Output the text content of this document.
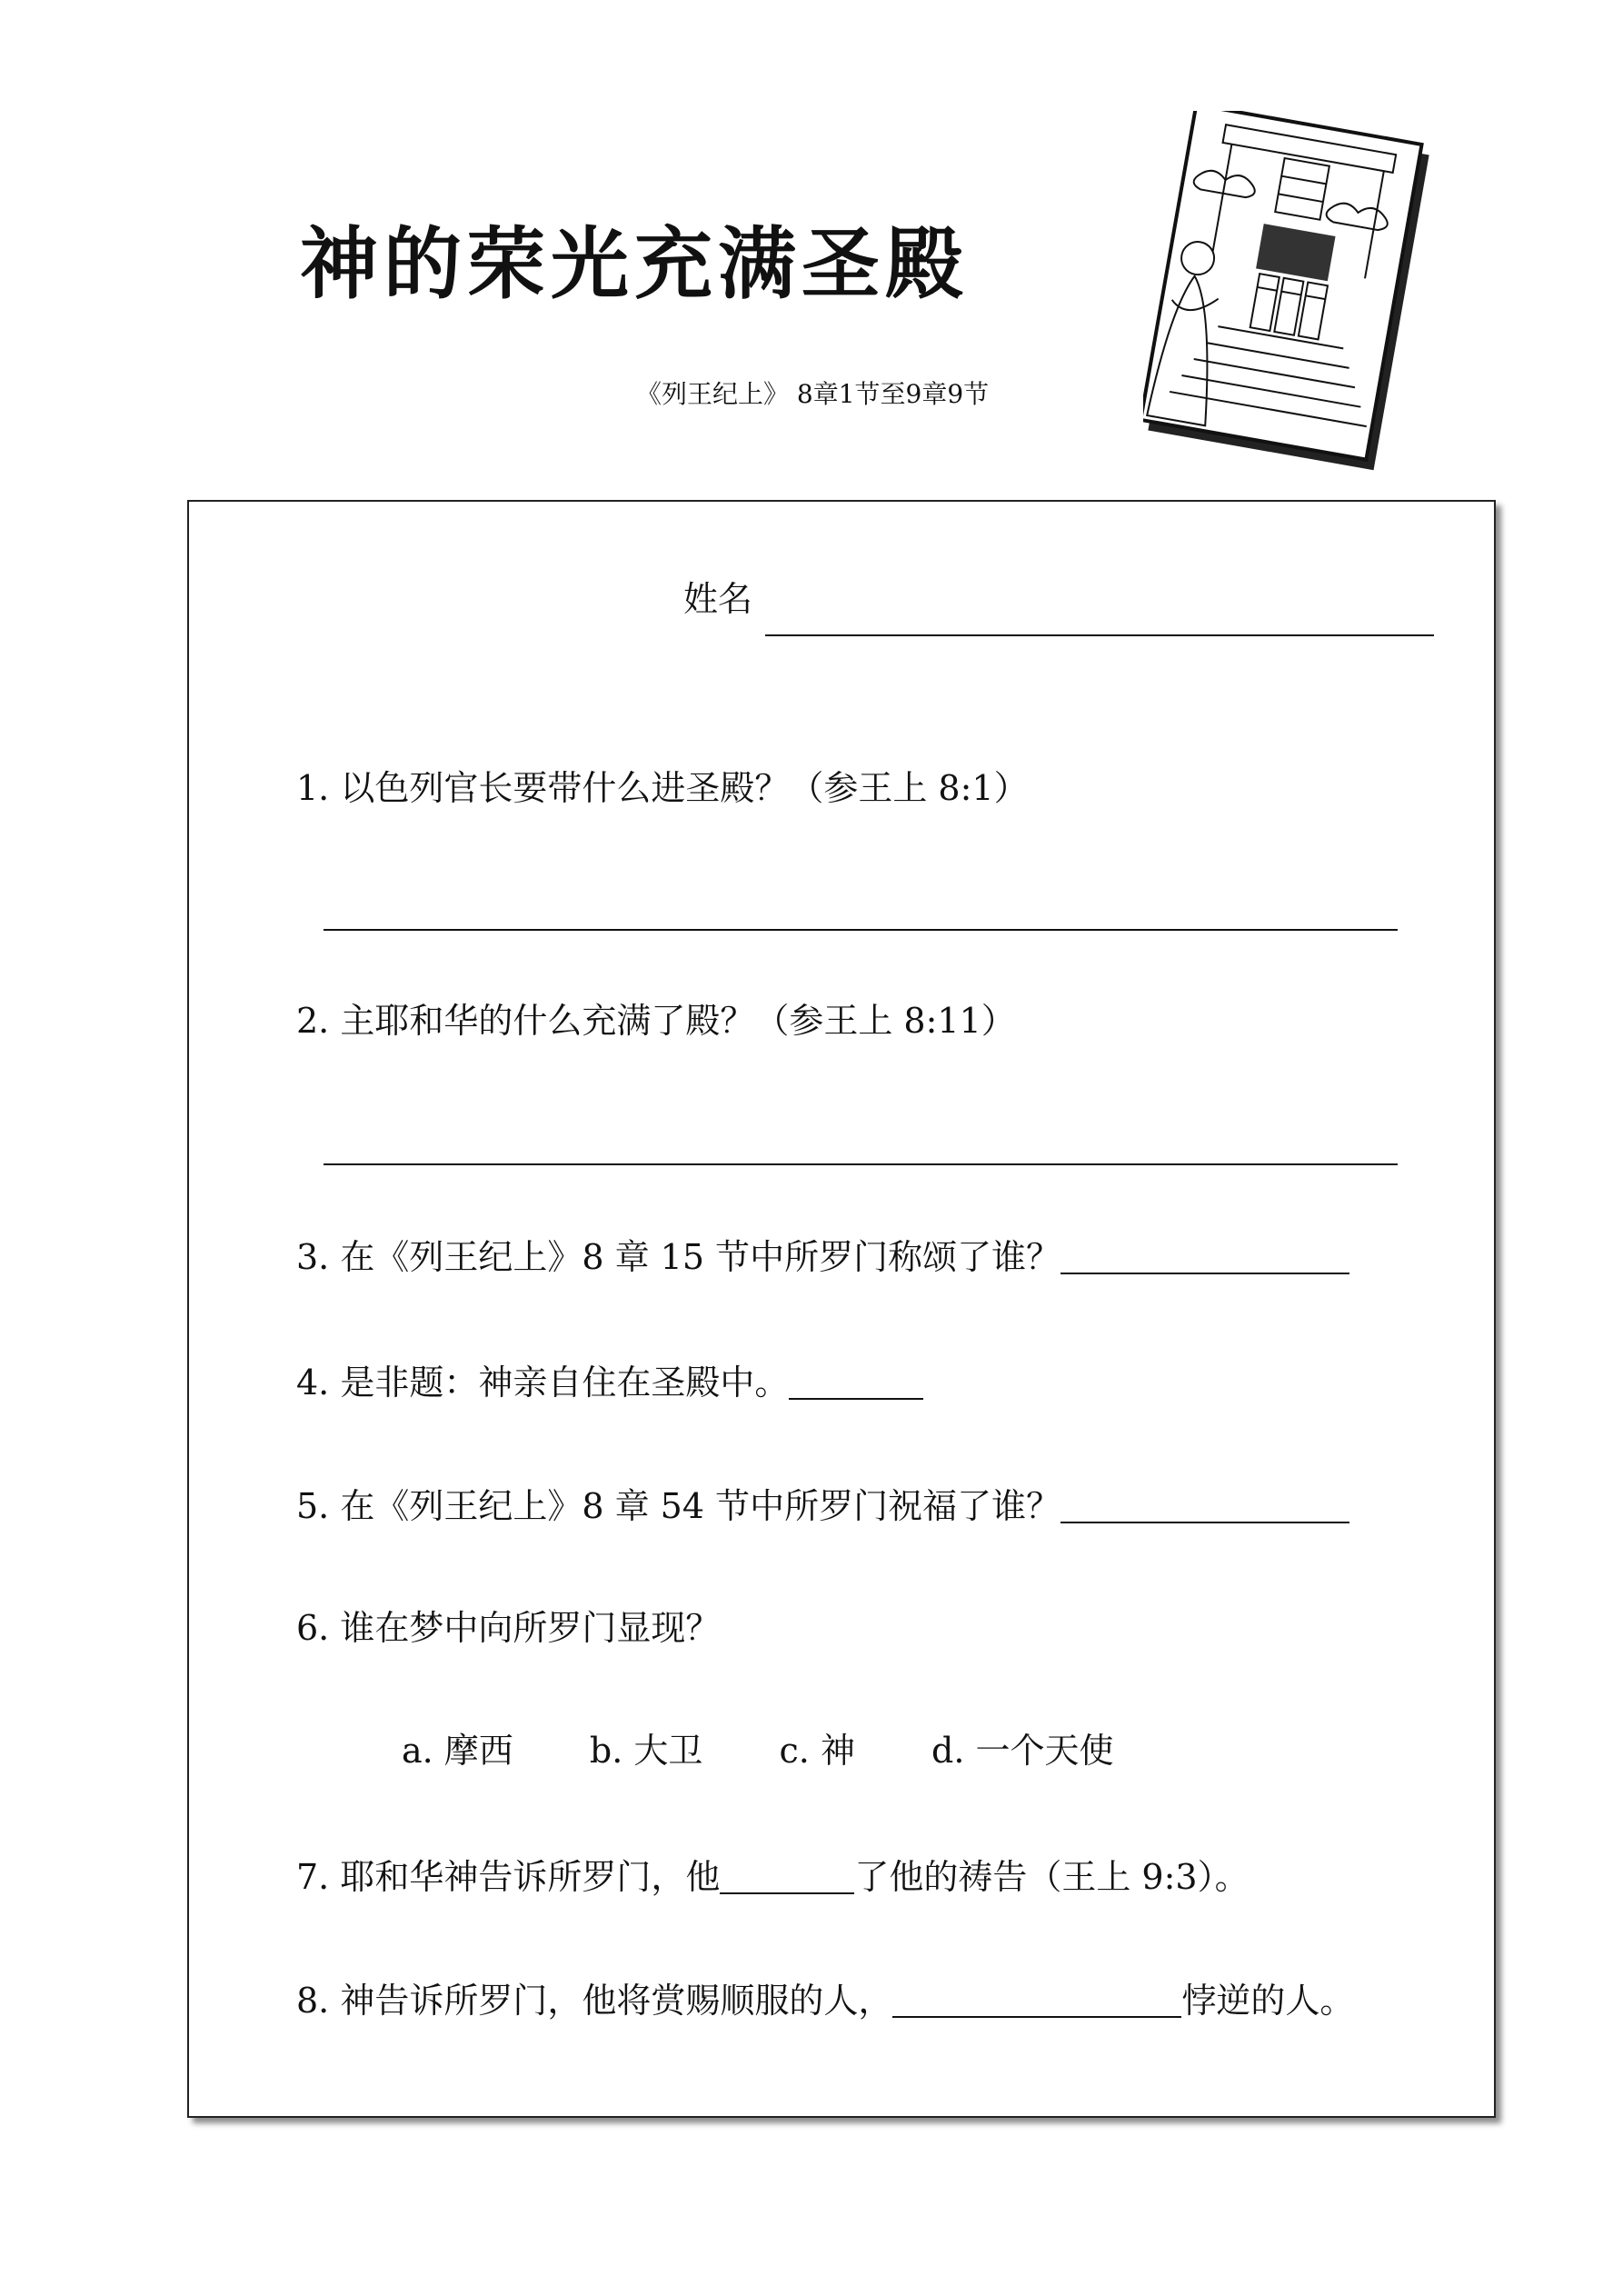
神的荣光充满圣殿
《列王纪上》 8章1节至9章9节
姓名
1. 以色列官长要带什么进圣殿？（参王上 8:1）
2. 主耶和华的什么充满了殿？（参王上 8:11）
3. 在《列王纪上》8 章 15 节中所罗门称颂了谁？
4. 是非题：神亲自住在圣殿中。
5. 在《列王纪上》8 章 54 节中所罗门祝福了谁？
6. 谁在梦中向所罗门显现？
a. 摩西 b. 大卫 c. 神 d. 一个天使
7. 耶和华神告诉所罗门，他	了他的祷告（王上 9:3）。
8. 神告诉所罗门，他将赏赐顺服的人，	悖逆的人。
